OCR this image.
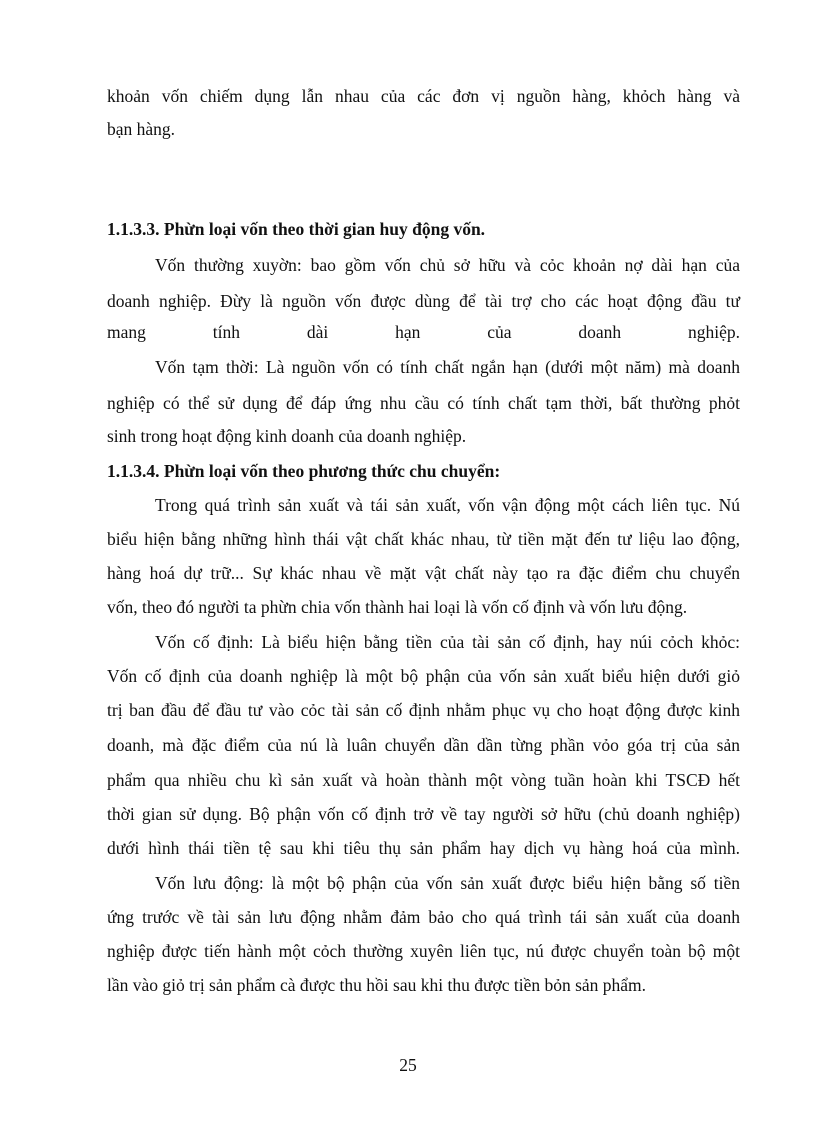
khoản vốn chiếm dụng lẫn nhau của các đơn vị nguồn hàng, khỏch hàng và
bạn hàng.
1.1.3.3. Phừn loại vốn theo thời gian huy động vốn.
Vốn thường xuyờn: bao gồm vốn chủ sở hữu và cỏc khoản nợ dài hạn của
doanh nghiệp. Đừy là nguồn vốn được dùng để tài trợ cho các hoạt động đầu tư
mang tính dài hạn của doanh nghiệp.
Vốn tạm thời: Là nguồn vốn có tính chất ngắn hạn (dưới một năm) mà doanh
nghiệp có thể sử dụng để đáp ứng nhu cầu có tính chất tạm thời, bất thường phỏt
sinh trong hoạt động kinh doanh của doanh nghiệp.
1.1.3.4. Phừn loại vốn theo phương thức chu chuyển:
Trong quá trình sản xuất và tái sản xuất, vốn vận động một cách liên tục. Nú
biểu hiện bằng những hình thái vật chất khác nhau, từ tiền mặt đến tư liệu lao động,
hàng hoá dự trữ... Sự khác nhau về mặt vật chất này tạo ra đặc điểm chu chuyển
vốn, theo đó người ta phừn chia vốn thành hai loại là vốn cố định và vốn lưu động.
Vốn cố định: Là biểu hiện bằng tiền của tài sản cố định, hay núi cỏch khỏc:
Vốn cố định của doanh nghiệp là một bộ phận của vốn sản xuất biểu hiện dưới giỏ
trị ban đầu để đầu tư vào cỏc tài sản cố định nhằm phục vụ cho hoạt động được kinh
doanh, mà đặc điểm của nú là luân chuyển dần dần từng phần vỏo góa trị của sản
phẩm qua nhiều chu kì sản xuất và hoàn thành một vòng tuần hoàn khi TSCĐ hết
thời gian sử dụng. Bộ phận vốn cố định trở về tay người sở hữu (chủ doanh nghiệp)
dưới hình thái tiền tệ sau khi tiêu thụ sản phẩm hay dịch vụ hàng hoá của mình.
Vốn lưu động: là một bộ phận của vốn sản xuất được biểu hiện bằng số tiền
ứng trước về tài sản lưu động nhằm đảm bảo cho quá trình tái sản xuất của doanh
nghiệp được tiến hành một cỏch thường xuyên liên tục, nú được chuyển toàn bộ một
lần vào giỏ trị sản phẩm cà được thu hồi sau khi thu được tiền bỏn sản phẩm.
25
